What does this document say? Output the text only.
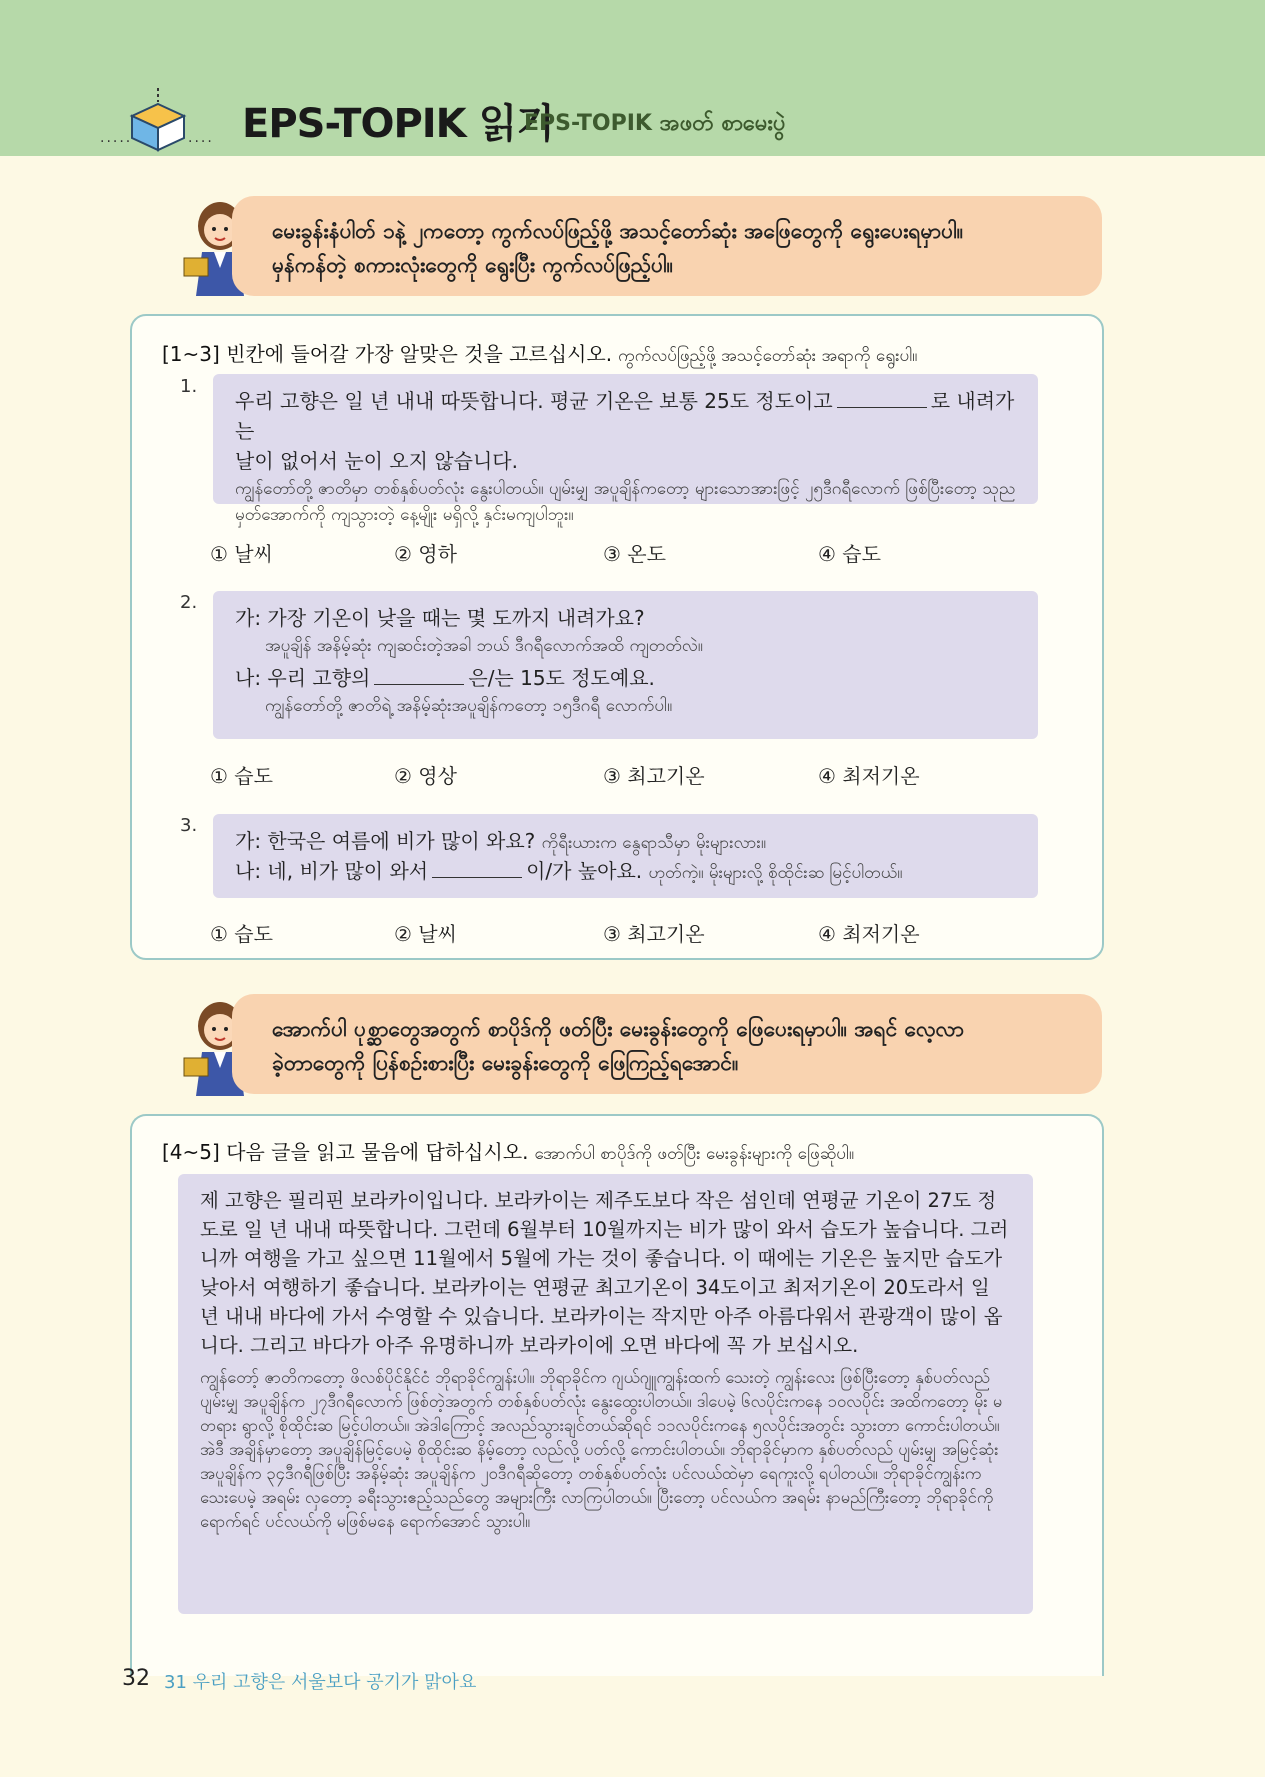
·····	···· EPS-TOPIK 읽기
EPS-TOPIK အဖတ် စာမေးပွဲ
မေးခွန်းနံပါတ် ၁နဲ့ ၂ကတော့ ကွက်လပ်ဖြည့်ဖို့ အသင့်တော်ဆုံး အဖြေတွေကို ရွေးပေးရမှာပါ။
မှန်ကန်တဲ့ စကားလုံးတွေကို ရွေးပြီး ကွက်လပ်ဖြည့်ပါ။
[1~3] 빈칸에 들어갈 가장 알맞은 것을 고르십시오. ကွက်လပ်ဖြည့်ဖို့ အသင့်တော်ဆုံး အရာကို ရွေးပါ။
1.
우리 고향은 일 년 내내 따뜻합니다. 평균 기온은 보통 25도 정도이고	로 내려가는
날이 없어서 눈이 오지 않습니다.
ကျွန်တော်တို့ ဇာတိမှာ တစ်နှစ်ပတ်လုံး နွေးပါတယ်။ ပျမ်းမျှ အပူချိန်ကတော့ များသောအားဖြင့် ၂၅ဒီဂရီလောက် ဖြစ်ပြီးတော့ သုညမှတ်အောက်ကို ကျသွားတဲ့ နေ့မျိုး မရှိလို့ နှင်းမကျပါဘူး။
① 날씨	② 영하	③ 온도	④ 습도
2.
가: 가장 기온이 낮을 때는 몇 도까지 내려가요?
အပူချိန် အနိမ့်ဆုံး ကျဆင်းတဲ့အခါ ဘယ် ဒီဂရီလောက်အထိ ကျတတ်လဲ။
나: 우리 고향의	은/는 15도 정도예요.
ကျွန်တော်တို့ ဇာတိရဲ့ အနိမ့်ဆုံးအပူချိန်ကတော့ ၁၅ဒီဂရီ လောက်ပါ။
① 습도	② 영상	③ 최고기온	④ 최저기온
3.
가: 한국은 여름에 비가 많이 와요? ကိုရီးယားက နွေရာသီမှာ မိုးများလား။
나: 네, 비가 많이 와서	이/가 높아요. ဟုတ်ကဲ့။ မိုးများလို့ စိုထိုင်းဆ မြင့်ပါတယ်။
① 습도	② 날씨	③ 최고기온	④ 최저기온
အောက်ပါ ပုစ္ဆာတွေအတွက် စာပိုဒ်ကို ဖတ်ပြီး မေးခွန်းတွေကို ဖြေပေးရမှာပါ။ အရင် လေ့လာ
ခဲ့တာတွေကို ပြန်စဉ်းစားပြီး မေးခွန်းတွေကို ဖြေကြည့်ရအောင်။
[4~5] 다음 글을 읽고 물음에 답하십시오. အောက်ပါ စာပိုဒ်ကို ဖတ်ပြီး မေးခွန်းများကို ဖြေဆိုပါ။
제 고향은 필리핀 보라카이입니다. 보라카이는 제주도보다 작은 섬인데 연평균 기온이 27도 정도로 일 년 내내 따뜻합니다. 그런데 6월부터 10월까지는 비가 많이 와서 습도가 높습니다. 그러니까 여행을 가고 싶으면 11월에서 5월에 가는 것이 좋습니다. 이 때에는 기온은 높지만 습도가 낮아서 여행하기 좋습니다. 보라카이는 연평균 최고기온이 34도이고 최저기온이 20도라서 일 년 내내 바다에 가서 수영할 수 있습니다. 보라카이는 작지만 아주 아름다워서 관광객이 많이 옵니다. 그리고 바다가 아주 유명하니까 보라카이에 오면 바다에 꼭 가 보십시오.
ကျွန်တော့် ဇာတိကတော့ ဖိလစ်ပိုင်နိုင်ငံ ဘိုရာခိုင်ကျွန်းပါ။ ဘိုရာခိုင်က ဂျယ်ဂျူကျွန်းထက် သေးတဲ့ ကျွန်းလေး ဖြစ်ပြီးတော့ နှစ်ပတ်လည် ပျမ်းမျှ အပူချိန်က ၂၇ဒီဂရီလောက် ဖြစ်တဲ့အတွက် တစ်နှစ်ပတ်လုံး နွေးထွေးပါတယ်။ ဒါပေမဲ့ ၆လပိုင်းကနေ ၁၀လပိုင်း အထိကတော့ မိုး မတရား ရွာလို့ စိုထိုင်းဆ မြင့်ပါတယ်။ အဲဒါကြောင့် အလည်သွားချင်တယ်ဆိုရင် ၁၁လပိုင်းကနေ ၅လပိုင်းအတွင်း သွားတာ ကောင်းပါတယ်။ အဲဒီ အချိန်မှာတော့ အပူချိန်မြင့်ပေမဲ့ စိုထိုင်းဆ နိမ့်တော့ လည်လို့ ပတ်လို့ ကောင်းပါတယ်။ ဘိုရာခိုင်မှာက နှစ်ပတ်လည် ပျမ်းမျှ အမြင့်ဆုံး အပူချိန်က ၃၄ဒီဂရီဖြစ်ပြီး အနိမ့်ဆုံး အပူချိန်က ၂၀ဒီဂရီဆိုတော့ တစ်နှစ်ပတ်လုံး ပင်လယ်ထဲမှာ ရေကူးလို့ ရပါတယ်။ ဘိုရာခိုင်ကျွန်းက သေးပေမဲ့ အရမ်း လှတော့ ခရီးသွားဧည့်သည်တွေ အများကြီး လာကြပါတယ်။ ပြီးတော့ ပင်လယ်က အရမ်း နာမည်ကြီးတော့ ဘိုရာခိုင်ကို ရောက်ရင် ပင်လယ်ကို မဖြစ်မနေ ရောက်အောင် သွားပါ။
32 31 우리 고향은 서울보다 공기가 맑아요
